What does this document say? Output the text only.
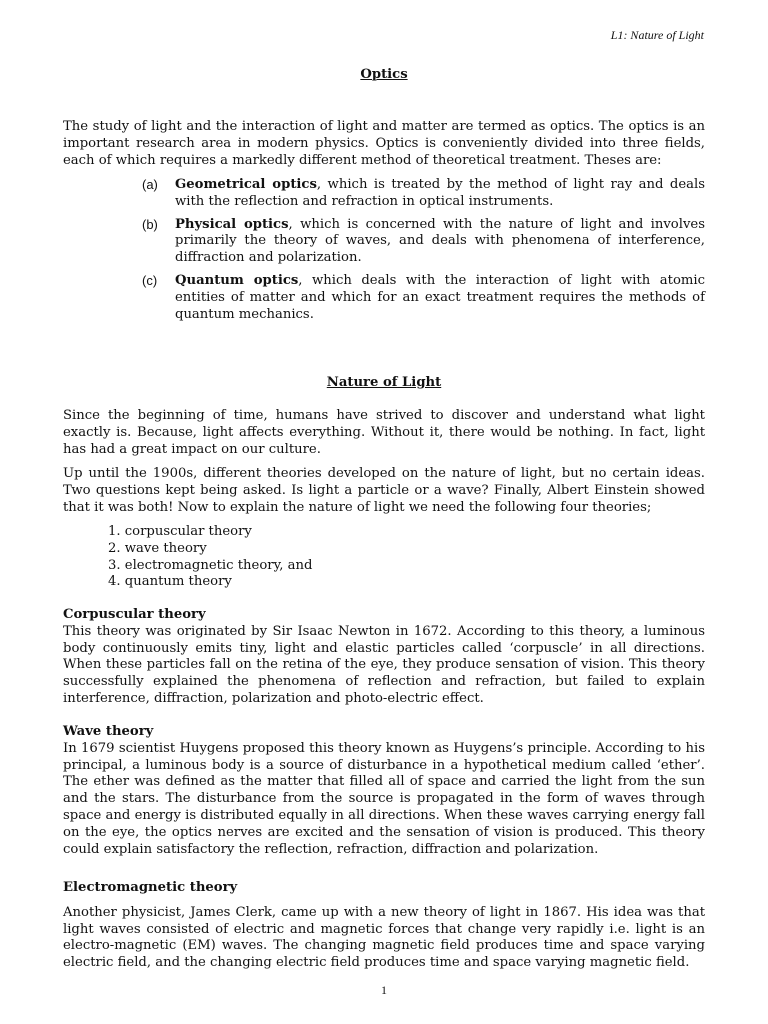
L1: Nature of Light
Optics

The study of light and the interaction of light and matter are termed as optics. The optics is an important research area in modern physics. Optics is conveniently divided into three fields, each of which requires a markedly different method of theoretical treatment. Theses are:

(a) Geometrical optics, which is treated by the method of light ray and deals with the reflection and refraction in optical instruments.

(b) Physical optics, which is concerned with the nature of light and involves primarily the theory of waves, and deals with phenomena of interference, diffraction and polarization.

(c) Quantum optics, which deals with the interaction of light with atomic entities of matter and which for an exact treatment requires the methods of quantum mechanics.

Nature of Light

Since the beginning of time, humans have strived to discover and understand what light exactly is. Because, light affects everything. Without it, there would be nothing. In fact, light has had a great impact on our culture.

Up until the 1900s, different theories developed on the nature of light, but no certain ideas. Two questions kept being asked. Is light a particle or a wave? Finally, Albert Einstein showed that it was both! Now to explain the nature of light we need the following four theories;

1. corpuscular theory
2. wave theory
3. electromagnetic theory, and
4. quantum theory
Corpuscular theory

This theory was originated by Sir Isaac Newton in 1672. According to this theory, a luminous body continuously emits tiny, light and elastic particles called ‘corpuscle’ in all directions. When these particles fall on the retina of the eye, they produce sensation of vision. This theory successfully explained the phenomena of reflection and refraction, but failed to explain interference, diffraction, polarization and photo-electric effect.

Wave theory

In 1679 scientist Huygens proposed this theory known as Huygens’s principle. According to his principal, a luminous body is a source of disturbance in a hypothetical medium called ‘ether’. The ether was defined as the matter that filled all of space and carried the light from the sun and the stars. The disturbance from the source is propagated in the form of waves through space and energy is distributed equally in all directions. When these waves carrying energy fall on the eye, the optics nerves are excited and the sensation of vision is produced. This theory could explain satisfactory the reflection, refraction, diffraction and polarization.

Electromagnetic theory

Another physicist, James Clerk, came up with a new theory of light in 1867. His idea was that light waves consisted of electric and magnetic forces that change very rapidly i.e. light is an electro-magnetic (EM) waves. The changing magnetic field produces time and space varying electric field, and the changing electric field produces time and space varying magnetic field.

1
